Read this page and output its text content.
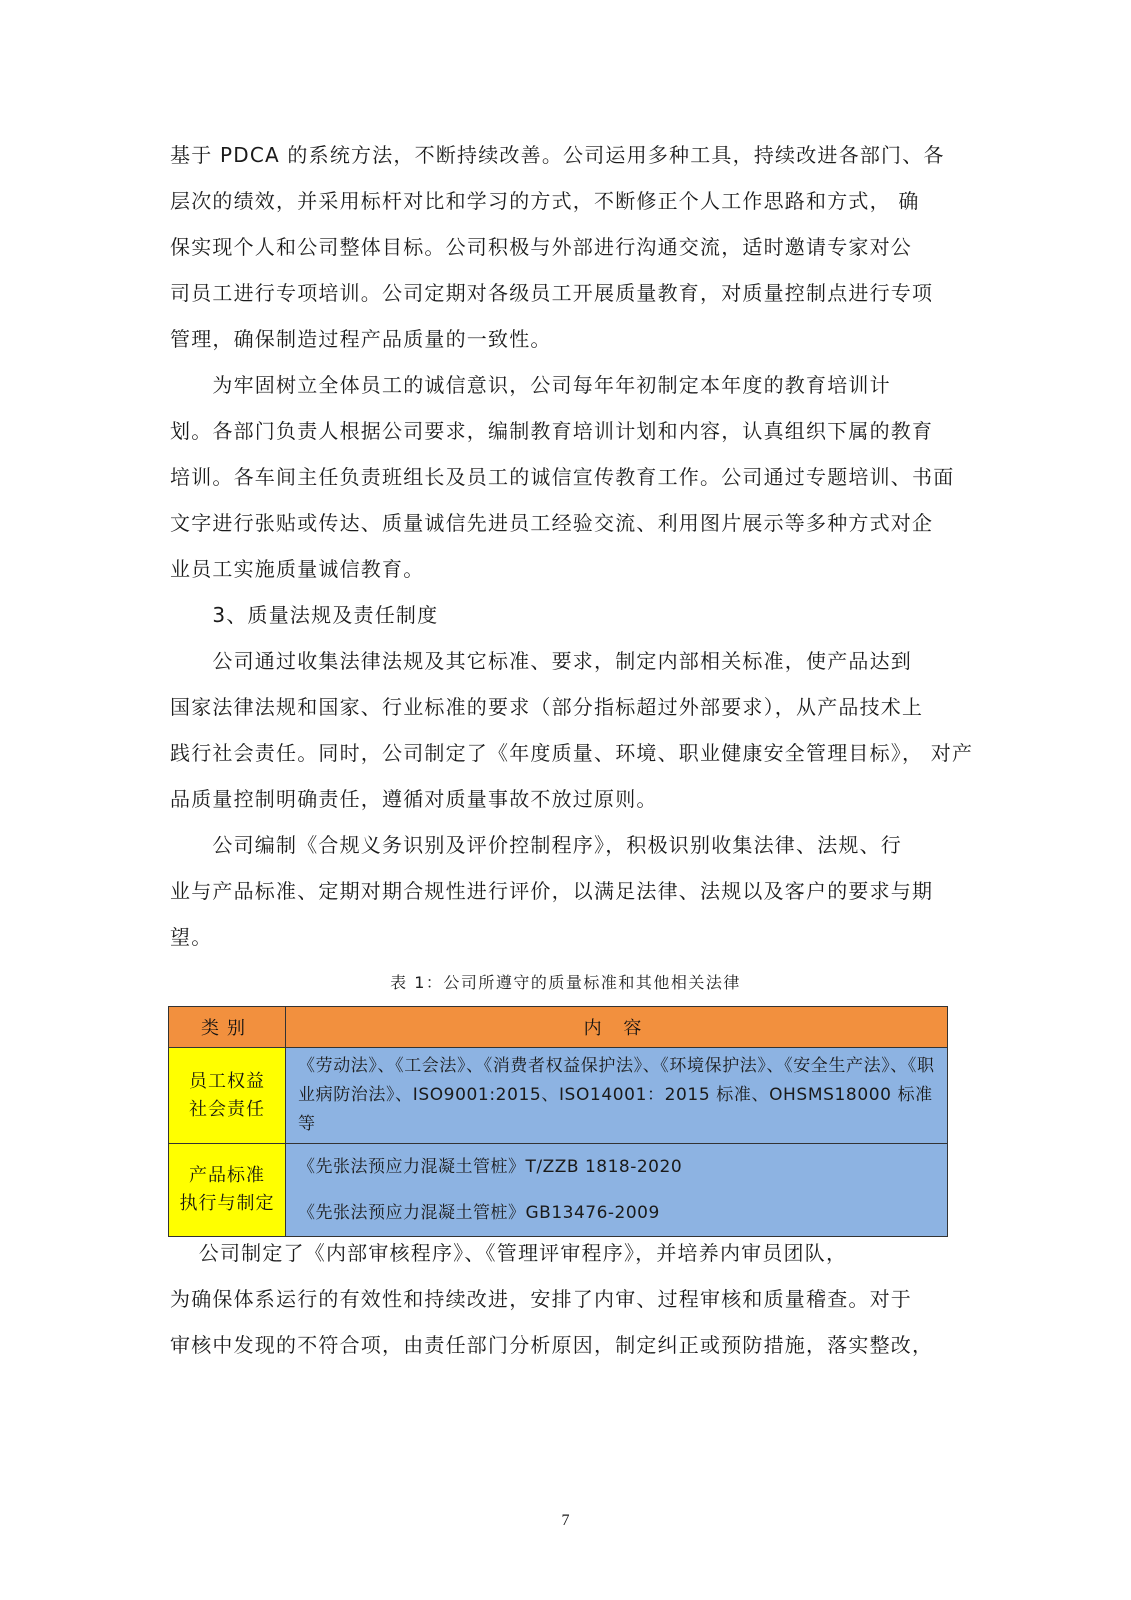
基于 PDCA 的系统方法，不断持续改善。公司运用多种工具，持续改进各部门、各
层次的绩效，并采用标杆对比和学习的方式，不断修正个人工作思路和方式， 确
保实现个人和公司整体目标。公司积极与外部进行沟通交流，适时邀请专家对公
司员工进行专项培训。公司定期对各级员工开展质量教育，对质量控制点进行专项
管理，确保制造过程产品质量的一致性。
　　为牢固树立全体员工的诚信意识，公司每年年初制定本年度的教育培训计
划。各部门负责人根据公司要求，编制教育培训计划和内容，认真组织下属的教育
培训。各车间主任负责班组长及员工的诚信宣传教育工作。公司通过专题培训、书面
文字进行张贴或传达、质量诚信先进员工经验交流、利用图片展示等多种方式对企
业员工实施质量诚信教育。
　　3、质量法规及责任制度
　　公司通过收集法律法规及其它标准、要求，制定内部相关标准，使产品达到
国家法律法规和国家、行业标准的要求（部分指标超过外部要求），从产品技术上
践行社会责任。同时，公司制定了《年度质量、环境、职业健康安全管理目标》， 对产
品质量控制明确责任，遵循对质量事故不放过原则。
　　公司编制《合规义务识别及评价控制程序》，积极识别收集法律、法规、行
业与产品标准、定期对期合规性进行评价，以满足法律、法规以及客户的要求与期
望。
表 1：公司所遵守的质量标准和其他相关法律
类别	内 容
员工权益
社会责任	《劳动法》、《工会法》、《消费者权益保护法》、《环境保护法》、《安全生产法》、《职业病防治法》、ISO9001:2015、ISO14001：2015 标准、OHSMS18000 标准等

产品标准
执行与制定	《先张法预应力混凝土管桩》T/ZZB 1818-2020
《先张法预应力混凝土管桩》GB13476-2009
　 公司制定了《内部审核程序》、《管理评审程序》，并培养内审员团队，
为确保体系运行的有效性和持续改进，安排了内审、过程审核和质量稽查。对于
审核中发现的不符合项，由责任部门分析原因，制定纠正或预防措施，落实整改，
7
